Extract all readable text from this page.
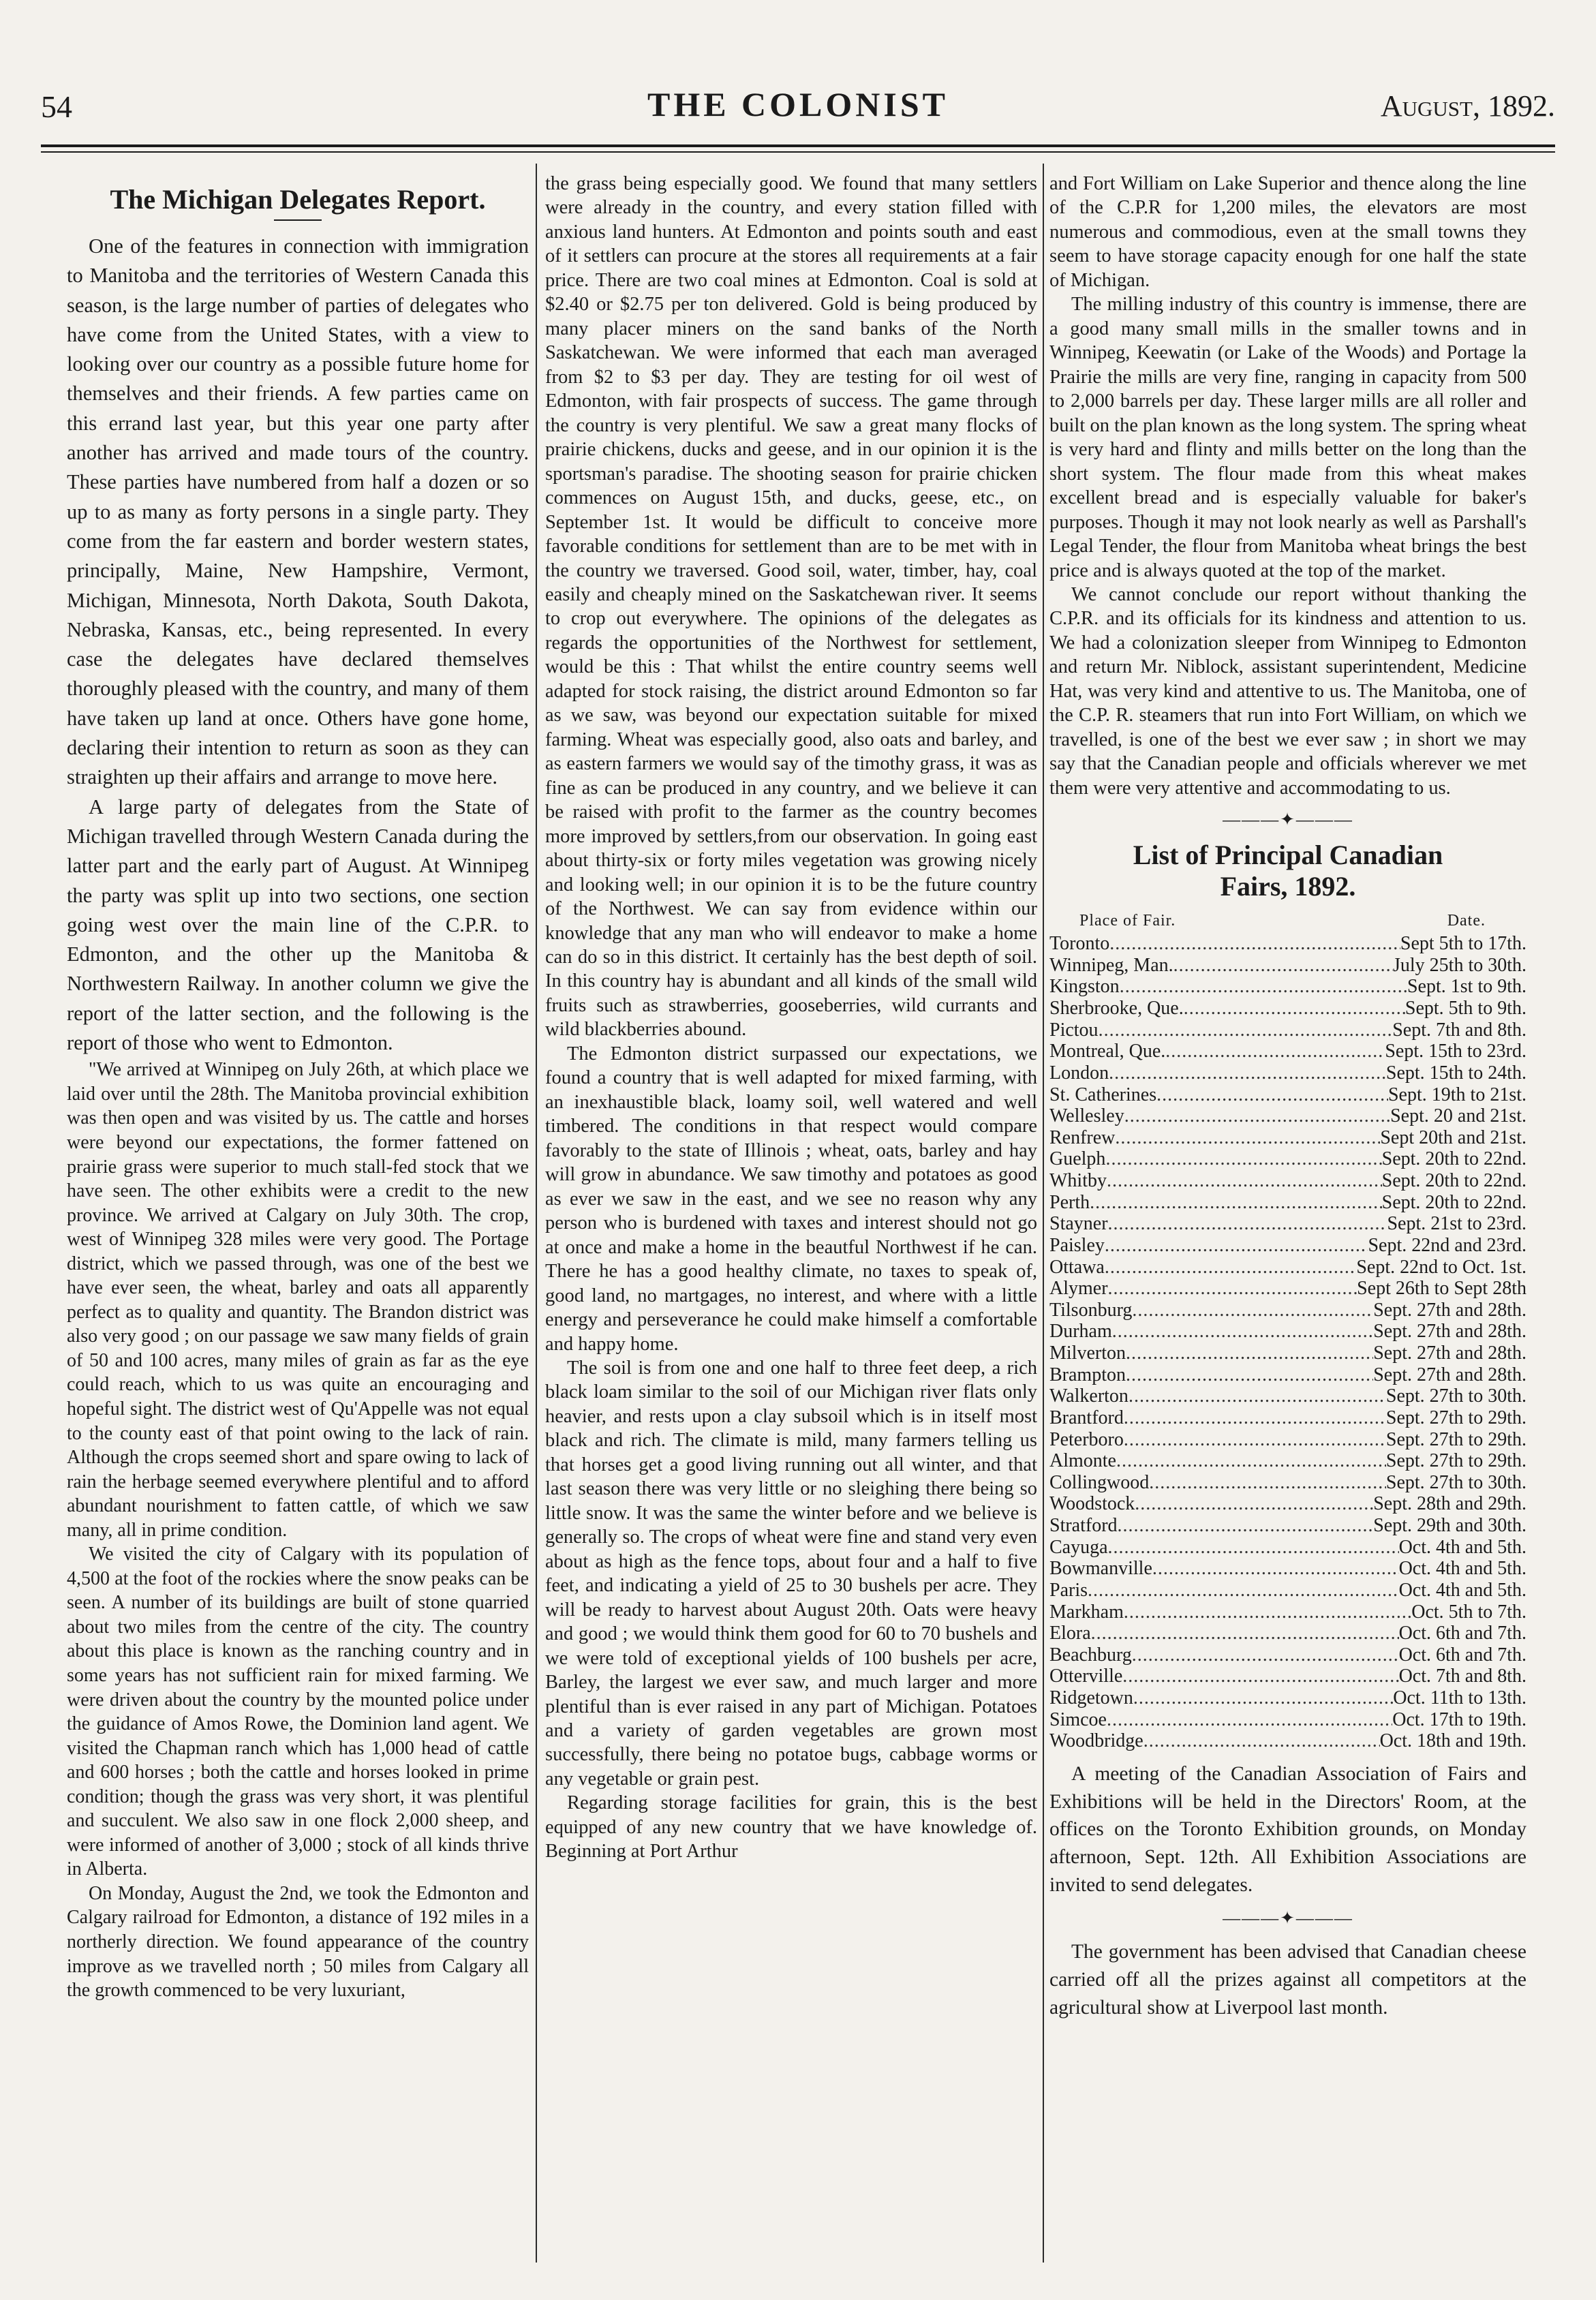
54	THE COLONIST	August, 1892.
The Michigan Delegates Report.

One of the features in connection with immigration to Manitoba and the territories of Western Canada this season, is the large number of parties of delegates who have come from the United States, with a view to looking over our country as a possible future home for themselves and their friends. A few parties came on this errand last year, but this year one party after another has arrived and made tours of the country. These parties have numbered from half a dozen or so up to as many as forty persons in a single party. They come from the far eastern and border western states, principally, Maine, New Hampshire, Vermont, Michigan, Minnesota, North Dakota, South Dakota, Nebraska, Kansas, etc., being represented. In every case the delegates have declared themselves thoroughly pleased with the country, and many of them have taken up land at once. Others have gone home, declaring their intention to return as soon as they can straighten up their affairs and arrange to move here.

A large party of delegates from the State of Michigan travelled through Western Canada during the latter part and the early part of August. At Winnipeg the party was split up into two sections, one section going west over the main line of the C.P.R. to Edmonton, and the other up the Manitoba & Northwestern Railway. In another column we give the report of the latter section, and the following is the report of those who went to Edmonton.

"We arrived at Winnipeg on July 26th, at which place we laid over until the 28th. The Manitoba provincial exhibition was then open and was visited by us. The cattle and horses were beyond our expectations, the former fattened on prairie grass were superior to much stall-fed stock that we have seen. The other exhibits were a credit to the new province. We arrived at Calgary on July 30th. The crop, west of Winnipeg 328 miles were very good. The Portage district, which we passed through, was one of the best we have ever seen, the wheat, barley and oats all apparently perfect as to quality and quantity. The Brandon district was also very good ; on our passage we saw many fields of grain of 50 and 100 acres, many miles of grain as far as the eye could reach, which to us was quite an encouraging and hopeful sight. The district west of Qu'Appelle was not equal to the county east of that point owing to the lack of rain. Although the crops seemed short and spare owing to lack of rain the herbage seemed everywhere plentiful and to afford abundant nourishment to fatten cattle, of which we saw many, all in prime condition.

We visited the city of Calgary with its population of 4,500 at the foot of the rockies where the snow peaks can be seen. A number of its buildings are built of stone quarried about two miles from the centre of the city. The country about this place is known as the ranching country and in some years has not sufficient rain for mixed farming. We were driven about the country by the mounted police under the guidance of Amos Rowe, the Dominion land agent. We visited the Chapman ranch which has 1,000 head of cattle and 600 horses ; both the cattle and horses looked in prime condition; though the grass was very short, it was plentiful and succulent. We also saw in one flock 2,000 sheep, and were informed of another of 3,000 ; stock of all kinds thrive in Alberta.

On Monday, August the 2nd, we took the Edmonton and Calgary railroad for Edmonton, a distance of 192 miles in a northerly direction. We found appearance of the country improve as we travelled north ; 50 miles from Calgary all the growth commenced to be very luxuriant,

the grass being especially good. We found that many settlers were already in the country, and every station filled with anxious land hunters. At Edmonton and points south and east of it settlers can procure at the stores all requirements at a fair price. There are two coal mines at Edmonton. Coal is sold at $2.40 or $2.75 per ton delivered. Gold is being produced by many placer miners on the sand banks of the North Saskatchewan. We were informed that each man averaged from $2 to $3 per day. They are testing for oil west of Edmonton, with fair prospects of success. The game through the country is very plentiful. We saw a great many flocks of prairie chickens, ducks and geese, and in our opinion it is the sportsman's paradise. The shooting season for prairie chicken commences on August 15th, and ducks, geese, etc., on September 1st. It would be difficult to conceive more favorable conditions for settlement than are to be met with in the country we traversed. Good soil, water, timber, hay, coal easily and cheaply mined on the Saskatchewan river. It seems to crop out everywhere. The opinions of the delegates as regards the opportunities of the Northwest for settlement, would be this : That whilst the entire country seems well adapted for stock raising, the district around Edmonton so far as we saw, was beyond our expectation suitable for mixed farming. Wheat was especially good, also oats and barley, and as eastern farmers we would say of the timothy grass, it was as fine as can be produced in any country, and we believe it can be raised with profit to the farmer as the country becomes more improved by settlers,from our observation. In going east about thirty-six or forty miles vegetation was growing nicely and looking well; in our opinion it is to be the future country of the Northwest. We can say from evidence within our knowledge that any man who will endeavor to make a home can do so in this district. It certainly has the best depth of soil. In this country hay is abundant and all kinds of the small wild fruits such as strawberries, gooseberries, wild currants and wild blackberries abound.

The Edmonton district surpassed our expectations, we found a country that is well adapted for mixed farming, with an inexhaustible black, loamy soil, well watered and well timbered. The conditions in that respect would compare favorably to the state of Illinois ; wheat, oats, barley and hay will grow in abundance. We saw timothy and potatoes as good as ever we saw in the east, and we see no reason why any person who is burdened with taxes and interest should not go at once and make a home in the beautful Northwest if he can. There he has a good healthy climate, no taxes to speak of, good land, no martgages, no interest, and where with a little energy and perseverance he could make himself a comfortable and happy home.

The soil is from one and one half to three feet deep, a rich black loam similar to the soil of our Michigan river flats only heavier, and rests upon a clay subsoil which is in itself most black and rich. The climate is mild, many farmers telling us that horses get a good living running out all winter, and that last season there was very little or no sleighing there being so little snow. It was the same the winter before and we believe is generally so. The crops of wheat were fine and stand very even about as high as the fence tops, about four and a half to five feet, and indicating a yield of 25 to 30 bushels per acre. They will be ready to harvest about August 20th. Oats were heavy and good ; we would think them good for 60 to 70 bushels and we were told of exceptional yields of 100 bushels per acre, Barley, the largest we ever saw, and much larger and more plentiful than is ever raised in any part of Michigan. Potatoes and a variety of garden vegetables are grown most successfully, there being no potatoe bugs, cabbage worms or any vegetable or grain pest.

Regarding storage facilities for grain, this is the best equipped of any new country that we have knowledge of. Beginning at Port Arthur

and Fort William on Lake Superior and thence along the line of the C.P.R for 1,200 miles, the elevators are most numerous and commodious, even at the small towns they seem to have storage capacity enough for one half the state of Michigan.

The milling industry of this country is immense, there are a good many small mills in the smaller towns and in Winnipeg, Keewatin (or Lake of the Woods) and Portage la Prairie the mills are very fine, ranging in capacity from 500 to 2,000 barrels per day. These larger mills are all roller and built on the plan known as the long system. The spring wheat is very hard and flinty and mills better on the long than the short system. The flour made from this wheat makes excellent bread and is especially valuable for baker's purposes. Though it may not look nearly as well as Parshall's Legal Tender, the flour from Manitoba wheat brings the best price and is always quoted at the top of the market.

We cannot conclude our report without thanking the C.P.R. and its officials for its kindness and attention to us. We had a colonization sleeper from Winnipeg to Edmonton and return Mr. Niblock, assistant superintendent, Medicine Hat, was very kind and attentive to us. The Manitoba, one of the C.P. R. steamers that run into Fort William, on which we travelled, is one of the best we ever saw ; in short we may say that the Canadian people and officials wherever we met them were very attentive and accommodating to us.

———✦———
List of Principal Canadian
Fairs, 1892.
Place of Fair.	Date.
Toronto .....	Sept 5th to 17th.
Winnipeg, Man. .....	July 25th to 30th.
Kingston .....	Sept. 1st to 9th.
Sherbrooke, Que. .....	Sept. 5th to 9th.
Pictou .....	Sept. 7th and 8th.
Montreal, Que. .....	Sept. 15th to 23rd.
London .....	Sept. 15th to 24th.
St. Catherines .....	Sept. 19th to 21st.
Wellesley .....	Sept. 20 and 21st.
Renfrew .....	Sept 20th and 21st.
Guelph .....	Sept. 20th to 22nd.
Whitby .....	Sept. 20th to 22nd.
Perth .....	Sept. 20th to 22nd.
Stayner .....	Sept. 21st to 23rd.
Paisley .....	Sept. 22nd and 23rd.
Ottawa .....	Sept. 22nd to Oct. 1st.
Alymer .....	Sept 26th to Sept 28th
Tilsonburg .....	Sept. 27th and 28th.
Durham .....	Sept. 27th and 28th.
Milverton .....	Sept. 27th and 28th.
Brampton .....	Sept. 27th and 28th.
Walkerton .....	Sept. 27th to 30th.
Brantford .....	Sept. 27th to 29th.
Peterboro .....	Sept. 27th to 29th.
Almonte .....	Sept. 27th to 29th.
Collingwood .....	Sept. 27th to 30th.
Woodstock .....	Sept. 28th and 29th.
Stratford .....	Sept. 29th and 30th.
Cayuga .....	Oct. 4th and 5th.
Bowmanville .....	Oct. 4th and 5th.
Paris .....	Oct. 4th and 5th.
Markham .....	Oct. 5th to 7th.
Elora .....	Oct. 6th and 7th.
Beachburg .....	Oct. 6th and 7th.
Otterville .....	Oct. 7th and 8th.
Ridgetown .....	Oct. 11th to 13th.
Simcoe .....	Oct. 17th to 19th.
Woodbridge .....	Oct. 18th and 19th.

A meeting of the Canadian Association of Fairs and Exhibitions will be held in the Directors' Room, at the offices on the Toronto Exhibition grounds, on Monday afternoon, Sept. 12th. All Exhibition Associations are invited to send delegates.

———✦———

The government has been advised that Canadian cheese carried off all the prizes against all competitors at the agricultural show at Liverpool last month.
